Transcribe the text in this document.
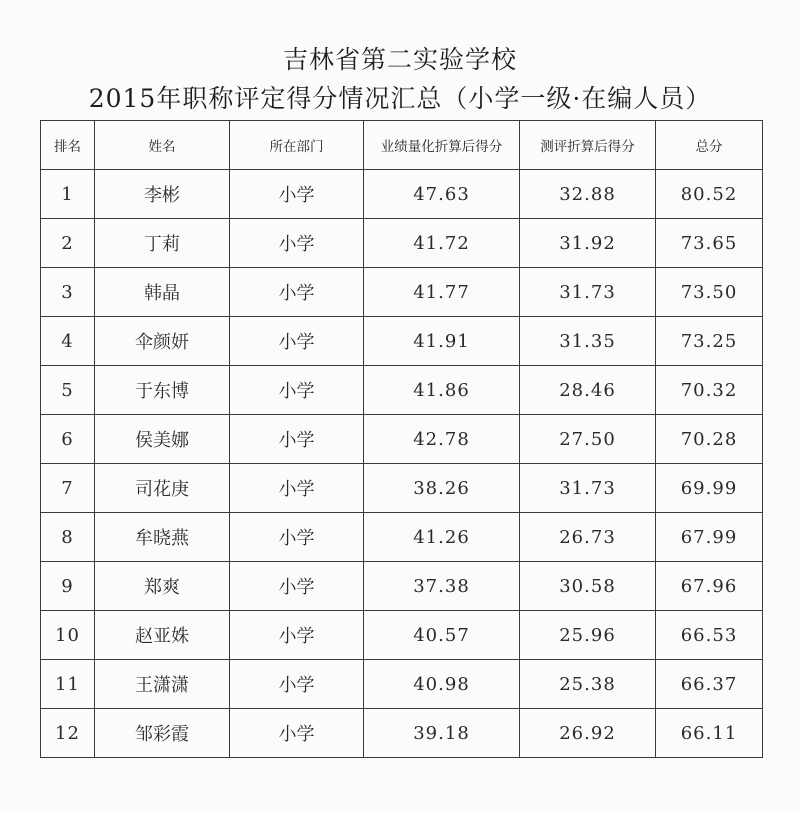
吉林省第二实验学校
2015年职称评定得分情况汇总（小学一级·在编人员）
排名	姓名	所在部门	业绩量化折算后得分	测评折算后得分	总分
1	李彬	小学	47.63	32.88	80.52
2	丁莉	小学	41.72	31.92	73.65
3	韩晶	小学	41.77	31.73	73.50
4	伞颜妍	小学	41.91	31.35	73.25
5	于东博	小学	41.86	28.46	70.32
6	侯美娜	小学	42.78	27.50	70.28
7	司花庚	小学	38.26	31.73	69.99
8	牟晓燕	小学	41.26	26.73	67.99
9	郑爽	小学	37.38	30.58	67.96
10	赵亚姝	小学	40.57	25.96	66.53
11	王潇潇	小学	40.98	25.38	66.37
12	邹彩霞	小学	39.18	26.92	66.11
